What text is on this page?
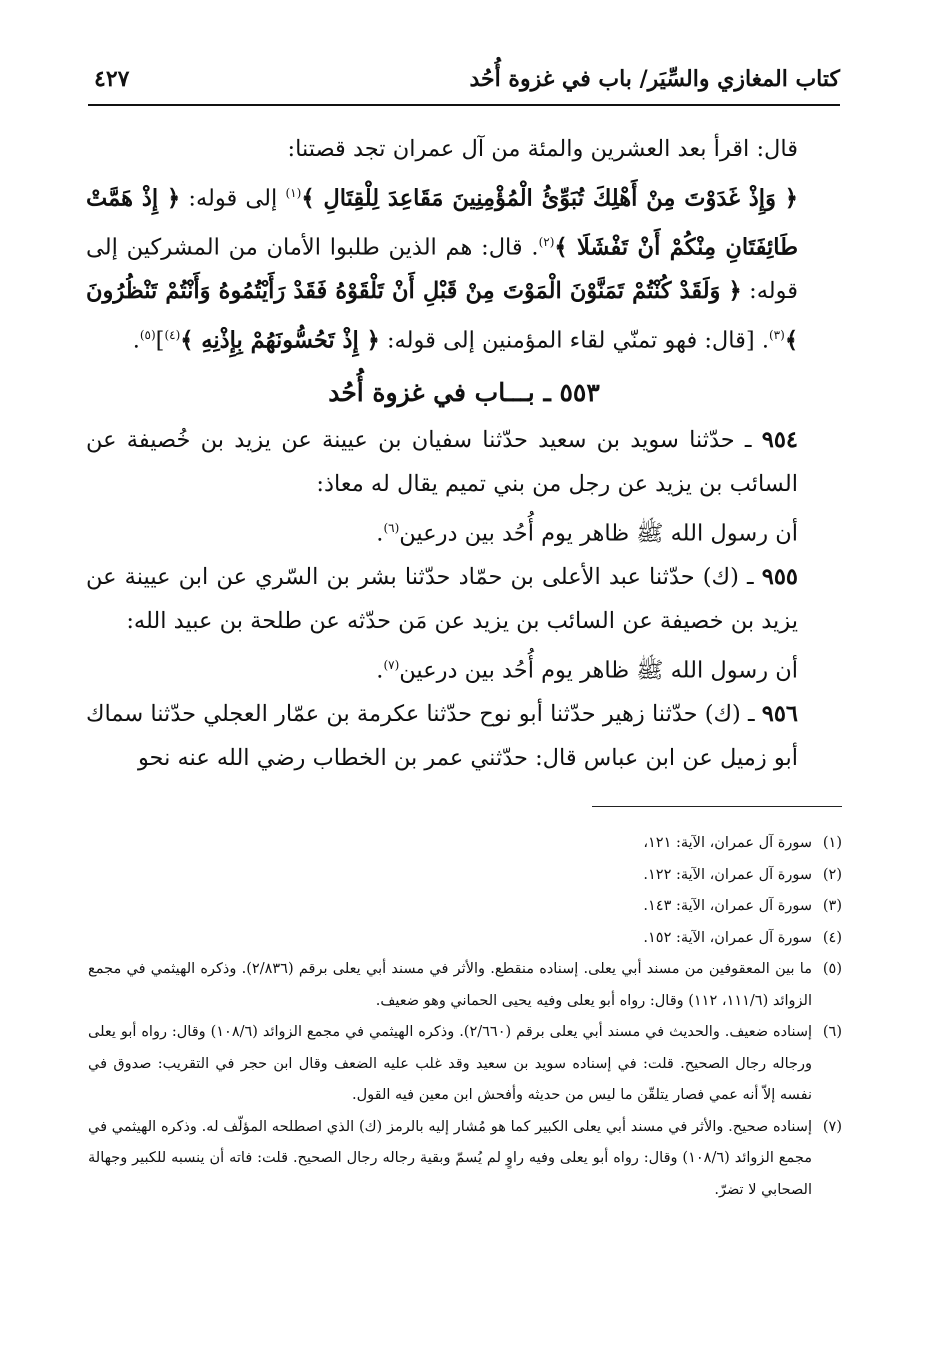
كتاب المغازي والسِّيَر/ باب في غزوة أُحُد
٤٢٧

قال: اقرأ بعد العشرين والمئة من آل عمران تجد قصتنا:

﴿ وَإِذْ غَدَوْتَ مِنْ أَهْلِكَ تُبَوِّئُ الْمُؤْمِنِينَ مَقَاعِدَ لِلْقِتَالِ ﴾$^{(١)}$ إلى قوله: ﴿ إِذْ هَمَّتْ طَائِفَتَانِ مِنْكُمْ أَنْ تَفْشَلَا ﴾$^{(٢)}$. قال: هم الذين طلبوا الأمان من المشركين إلى قوله: ﴿ وَلَقَدْ كُنْتُمْ تَمَنَّوْنَ الْمَوْتَ مِنْ قَبْلِ أَنْ تَلْقَوْهُ فَقَدْ رَأَيْتُمُوهُ وَأَنْتُمْ تَنْظُرُونَ ﴾$^{(٣)}$. [قال: فهو تمنّي لقاء المؤمنين إلى قوله: ﴿ إِذْ تَحُسُّونَهُمْ بِإِذْنِهِ ﴾$^{(٤)}$]$^{(٥)}$.

٥٥٣ ـ بـــاب في غزوة أُحُد

٩٥٤ ـ حدّثنا سويد بن سعيد حدّثنا سفيان بن عيينة عن يزيد بن خُصيفة عن السائب بن يزيد عن رجل من بني تميم يقال له معاذ:

أن رسول الله ﷺ ظاهر يوم أُحُد بين درعين$^{(٦)}$.

٩٥٥ ـ (ك) حدّثنا عبد الأعلى بن حمّاد حدّثنا بشر بن السّري عن ابن عيينة عن يزيد بن خصيفة عن السائب بن يزيد عن مَن حدّثه عن طلحة بن عبيد الله:

أن رسول الله ﷺ ظاهر يوم أُحُد بين درعين$^{(٧)}$.

٩٥٦ ـ (ك) حدّثنا زهير حدّثنا أبو نوح حدّثنا عكرمة بن عمّار العجلي حدّثنا سماك أبو زميل عن ابن عباس قال: حدّثني عمر بن الخطاب رضي الله عنه نحو

(١)
سورة آل عمران، الآية: ١٢١،
(٢)
سورة آل عمران، الآية: ١٢٢.
(٣)
سورة آل عمران، الآية: ١٤٣.
(٤)
سورة آل عمران، الآية: ١٥٢.
(٥)
ما بين المعقوفين من مسند أبي يعلى. إسناده منقطع. والأثر في مسند أبي يعلى برقم (٢/٨٣٦). وذكره الهيثمي في مجمع الزوائد (١١١/٦، ١١٢) وقال: رواه أبو يعلى وفيه يحيى الحماني وهو ضعيف.
(٦)
إسناده ضعيف. والحديث في مسند أبي يعلى برقم (٢/٦٦٠). وذكره الهيثمي في مجمع الزوائد (١٠٨/٦) وقال: رواه أبو يعلى ورجاله رجال الصحيح. قلت: في إسناده سويد بن سعيد وقد غلب عليه الضعف وقال ابن حجر في التقريب: صدوق في نفسه إلاّ أنه عمي فصار يتلقّن ما ليس من حديثه وأفحش ابن معين فيه القول.
(٧)
إسناده صحيح. والأثر في مسند أبي يعلى الكبير كما هو مُشار إليه بالرمز (ك) الذي اصطلحه المؤلّف له. وذكره الهيثمي في مجمع الزوائد (١٠٨/٦) وقال: رواه أبو يعلى وفيه راوٍ لم يُسمّ وبقية رجاله رجال الصحيح. قلت: فاته أن ينسبه للكبير وجهالة الصحابي لا تضرّ.
